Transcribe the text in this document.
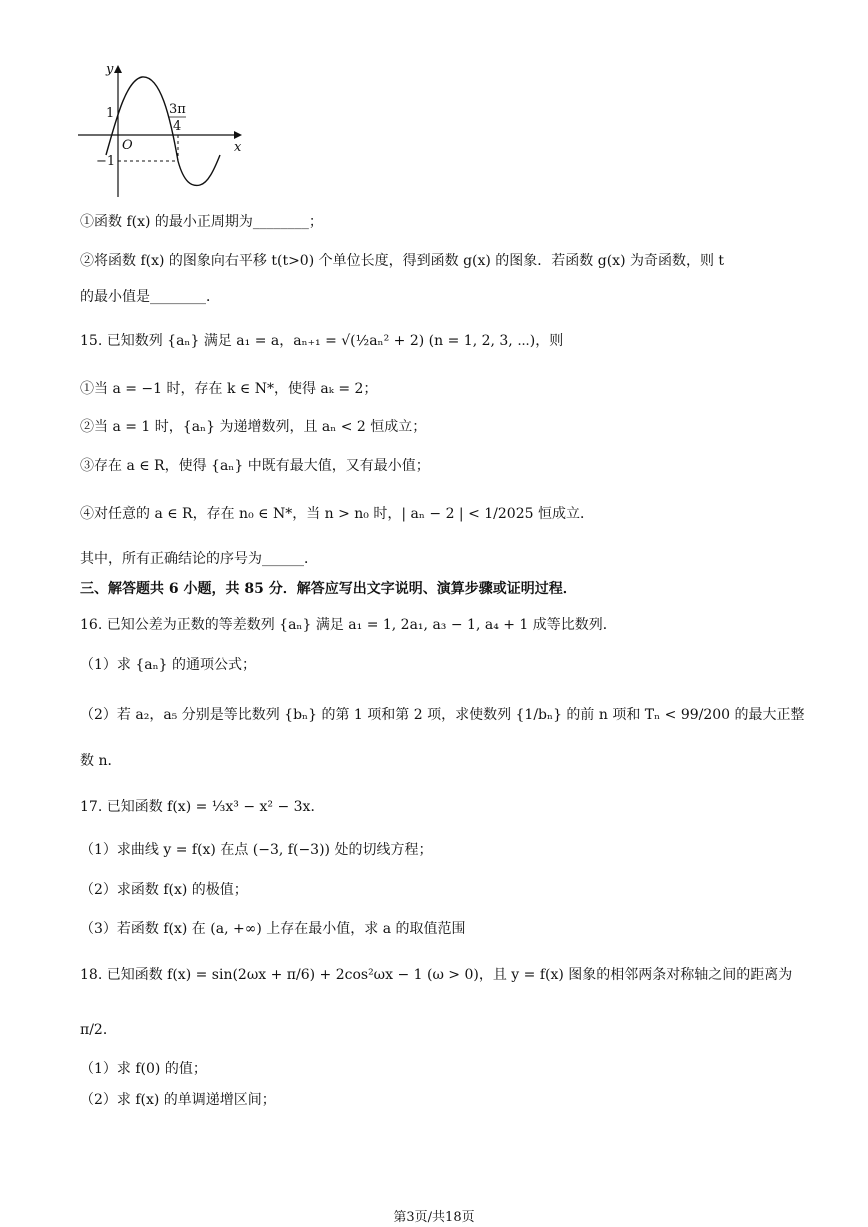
y
x
O
1
−1
3π
4
①函数 f(x) 的最小正周期为________；
②将函数 f(x) 的图象向右平移 t(t>0) 个单位长度，得到函数 g(x) 的图象．若函数 g(x) 为奇函数，则 t
的最小值是________．
15. 已知数列 {aₙ} 满足 a₁ = a，aₙ₊₁ = √(½aₙ² + 2) (n = 1, 2, 3, ⋯)，则
①当 a = −1 时，存在 k ∈ N*，使得 aₖ = 2；
②当 a = 1 时，{aₙ} 为递增数列，且 aₙ < 2 恒成立；
③存在 a ∈ R，使得 {aₙ} 中既有最大值，又有最小值；
④对任意的 a ∈ R，存在 n₀ ∈ N*，当 n > n₀ 时，| aₙ − 2 | < 1/2025 恒成立．
其中，所有正确结论的序号为______．
三、解答题共 6 小题，共 85 分．解答应写出文字说明、演算步骤或证明过程．
16. 已知公差为正数的等差数列 {aₙ} 满足 a₁ = 1, 2a₁, a₃ − 1, a₄ + 1 成等比数列．
（1）求 {aₙ} 的通项公式；
（2）若 a₂，a₅ 分别是等比数列 {bₙ} 的第 1 项和第 2 项，求使数列 {1/bₙ} 的前 n 项和 Tₙ < 99/200 的最大正整
数 n．
17. 已知函数 f(x) = ⅓x³ − x² − 3x．
（1）求曲线 y = f(x) 在点 (−3, f(−3)) 处的切线方程；
（2）求函数 f(x) 的极值；
（3）若函数 f(x) 在 (a, +∞) 上存在最小值，求 a 的取值范围
18. 已知函数 f(x) = sin(2ωx + π/6) + 2cos²ωx − 1 (ω > 0)，且 y = f(x) 图象的相邻两条对称轴之间的距离为
π/2．
（1）求 f(0) 的值；
（2）求 f(x) 的单调递增区间；
第3页/共18页
